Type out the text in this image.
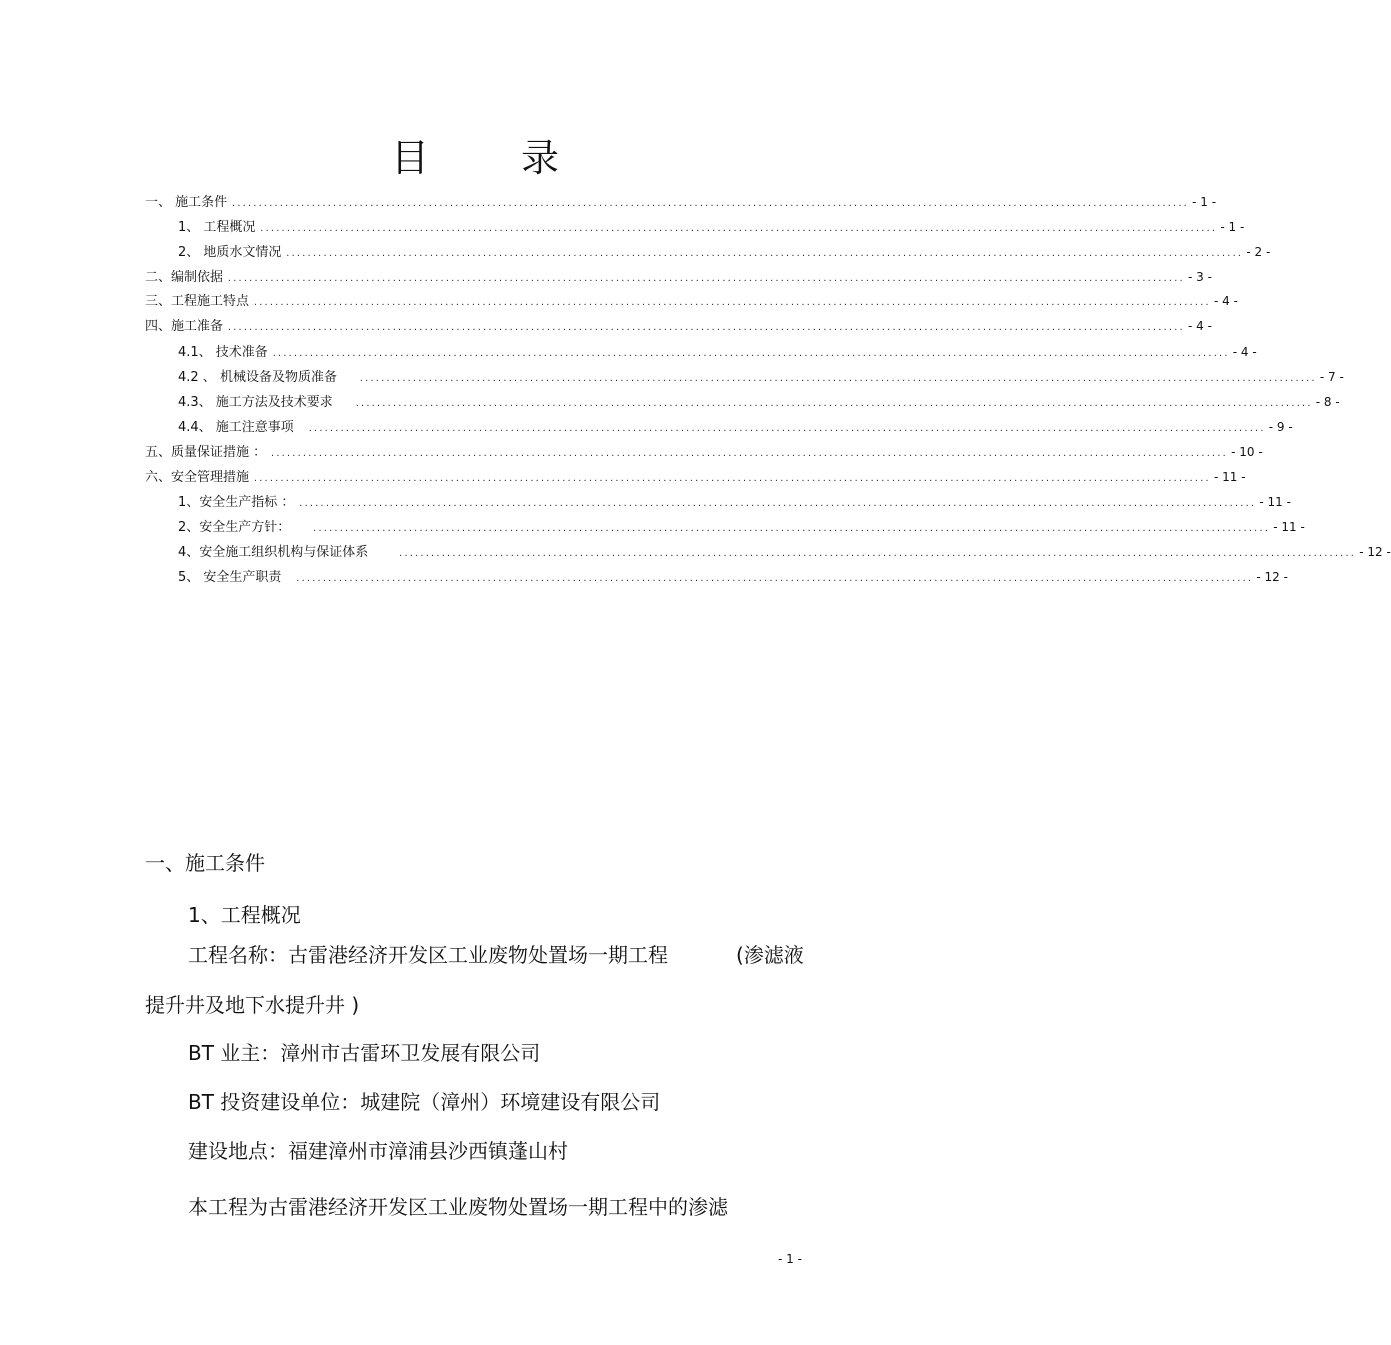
目 录
一、 施工条件 .................................................................................................................................................................................... - 1 -
1、 工程概况 .................................................................................................................................................................................... - 1 -
2、 地质水文情况 .................................................................................................................................................................................... - 2 -
二、编制依据 .................................................................................................................................................................................... - 3 -
三、工程施工特点 .................................................................................................................................................................................... - 4 -
四、施工准备 .................................................................................................................................................................................... - 4 -
4.1、 技术准备 .................................................................................................................................................................................... - 4 -
4.2 、 机械设备及物质准备	.................................................................................................................................................................................... - 7 -
4.3、 施工方法及技术要求	.................................................................................................................................................................................... - 8 -
4.4、 施工注意事项 .................................................................................................................................................................................... - 9 -
五、质量保证措施 ： .................................................................................................................................................................................... - 10 -
六、安全管理措施 .................................................................................................................................................................................... - 11 -
1、安全生产指标 ： .................................................................................................................................................................................... - 11 -
2、安全生产方针：	.................................................................................................................................................................................... - 11 -
4、安全施工组织机构与保证体系	.................................................................................................................................................................................... - 12 -
5、 安全生产职责 .................................................................................................................................................................................... - 12 -
一、施工条件
1、工程概况
工程名称：古雷港经济开发区工业废物处置场一期工程	(渗滤液
提升井及地下水提升井 )
BT 业主：漳州市古雷环卫发展有限公司
BT 投资建设单位：城建院（漳州）环境建设有限公司
建设地点：福建漳州市漳浦县沙西镇蓬山村
本工程为古雷港经济开发区工业废物处置场一期工程中的渗滤
- 1 -
